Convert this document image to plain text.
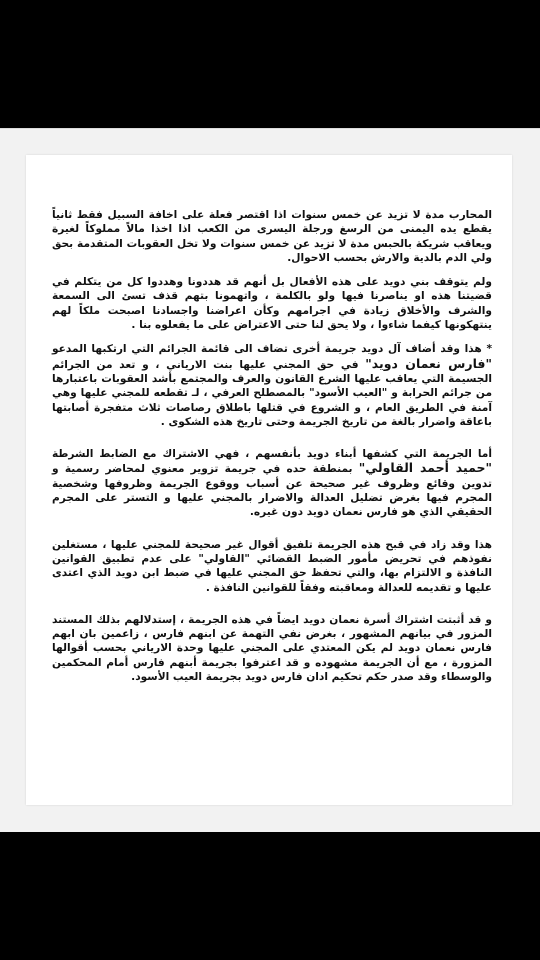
المحارب مدة لا تزيد عن خمس سنوات اذا اقتصر فعلة على اخافة السبيل فقط ثانياً يقطع يده اليمنى من الرسغ ورجلة اليسرى من الكعب اذا اخذا مالاً مملوكاً لغيرة ويعاقب شريكة بالحبس مدة لا تزيد عن خمس سنوات ولا تخل العقوبات المتقدمة بحق ولي الدم بالدية والارش بحسب الاحوال.

ولم يتوقف بني دويد على هذه الأفعال بل أنهم قد هددونا وهددوا كل من يتكلم في قضيتنا هذه او يناصرنا فيها ولو بالكلمة ، واتهمونا بتهم قذف تسئ الى السمعة والشرف والأخلاق زيادة في اجرامهم وكأن اعراضنا واجسادنا اصبحت ملكاً لهم ينتهكونها كيفما شاءوا ، ولا يحق لنا حتى الاعتراض على ما يفعلوه بنا .

* هذا وقد أضاف آل دويد جريمة أخرى تضاف الى قائمة الجرائم التي ارتكبها المدعو "فارس نعمان دويد" في حق المجني عليها بنت الارياني ، و تعد من الجرائم الجسيمة التي يعاقب عليها الشرع القانون والعرف والمجتمع بأشد العقوبات باعتبارها من جرائم الحرابة و "العيب الأسود" بالمصطلح العرفي ، لـ تقطعه للمجني عليها وهي آمنة في الطريق العام ، و الشروع في قتلها باطلاق رصاصات ثلاث متفجرة أصابتها باعاقة واضرار بالغة من تاريخ الجريمة وحتى تاريخ هذه الشكوى .

أما الجريمة التي كشفها أبناء دويد بأنفسهم ، فهي الاشتراك مع الضابط الشرطة "حميد أحمد القاولي" بمنطقة حده في جريمة تزوير معنوي لمحاضر رسمية و تدوين وقائع وظروف غير صحيحة عن أسباب ووقوع الجريمة وظروفها وشخصية المجرم فيها بغرض تضليل العدالة والاضرار بالمجني عليها و التستر على المجرم الحقيقي الذي هو فارس نعمان دويد دون غيره.

هذا وقد زاد في قبح هذه الجريمة تلفيق أقوال غير صحيحة للمجني عليها ، مستغلين نفوذهم في تحريض مأمور الضبط القضائي "القاولي" على عدم تطبيق القوانين النافذة و الالتزام بها، والتي تحفظ حق المجني عليها في ضبط ابن دويد الذي اعتدى عليها و تقديمه للعدالة ومعاقبته وفقاً للقوانين النافذة .

و قد أثبتت اشتراك أسرة نعمان دويد ايضاً في هذه الجريمة ، إستدلالهم بذلك المستند المزور في بيانهم المشهور ، بغرض نفي التهمة عن ابنهم فارس ، زاعمين بان ابهم فارس نعمان دويد لم يكن المعتدي على المجني عليها وحدة الارياني بحسب أقوالها المزورة ، مع أن الجريمة مشهوده و قد اعترفوا بجريمة أبنهم فارس أمام المحكمين والوسطاء وقد صدر حكم تحكيم ادان فارس دويد بجريمة العيب الأسود.
